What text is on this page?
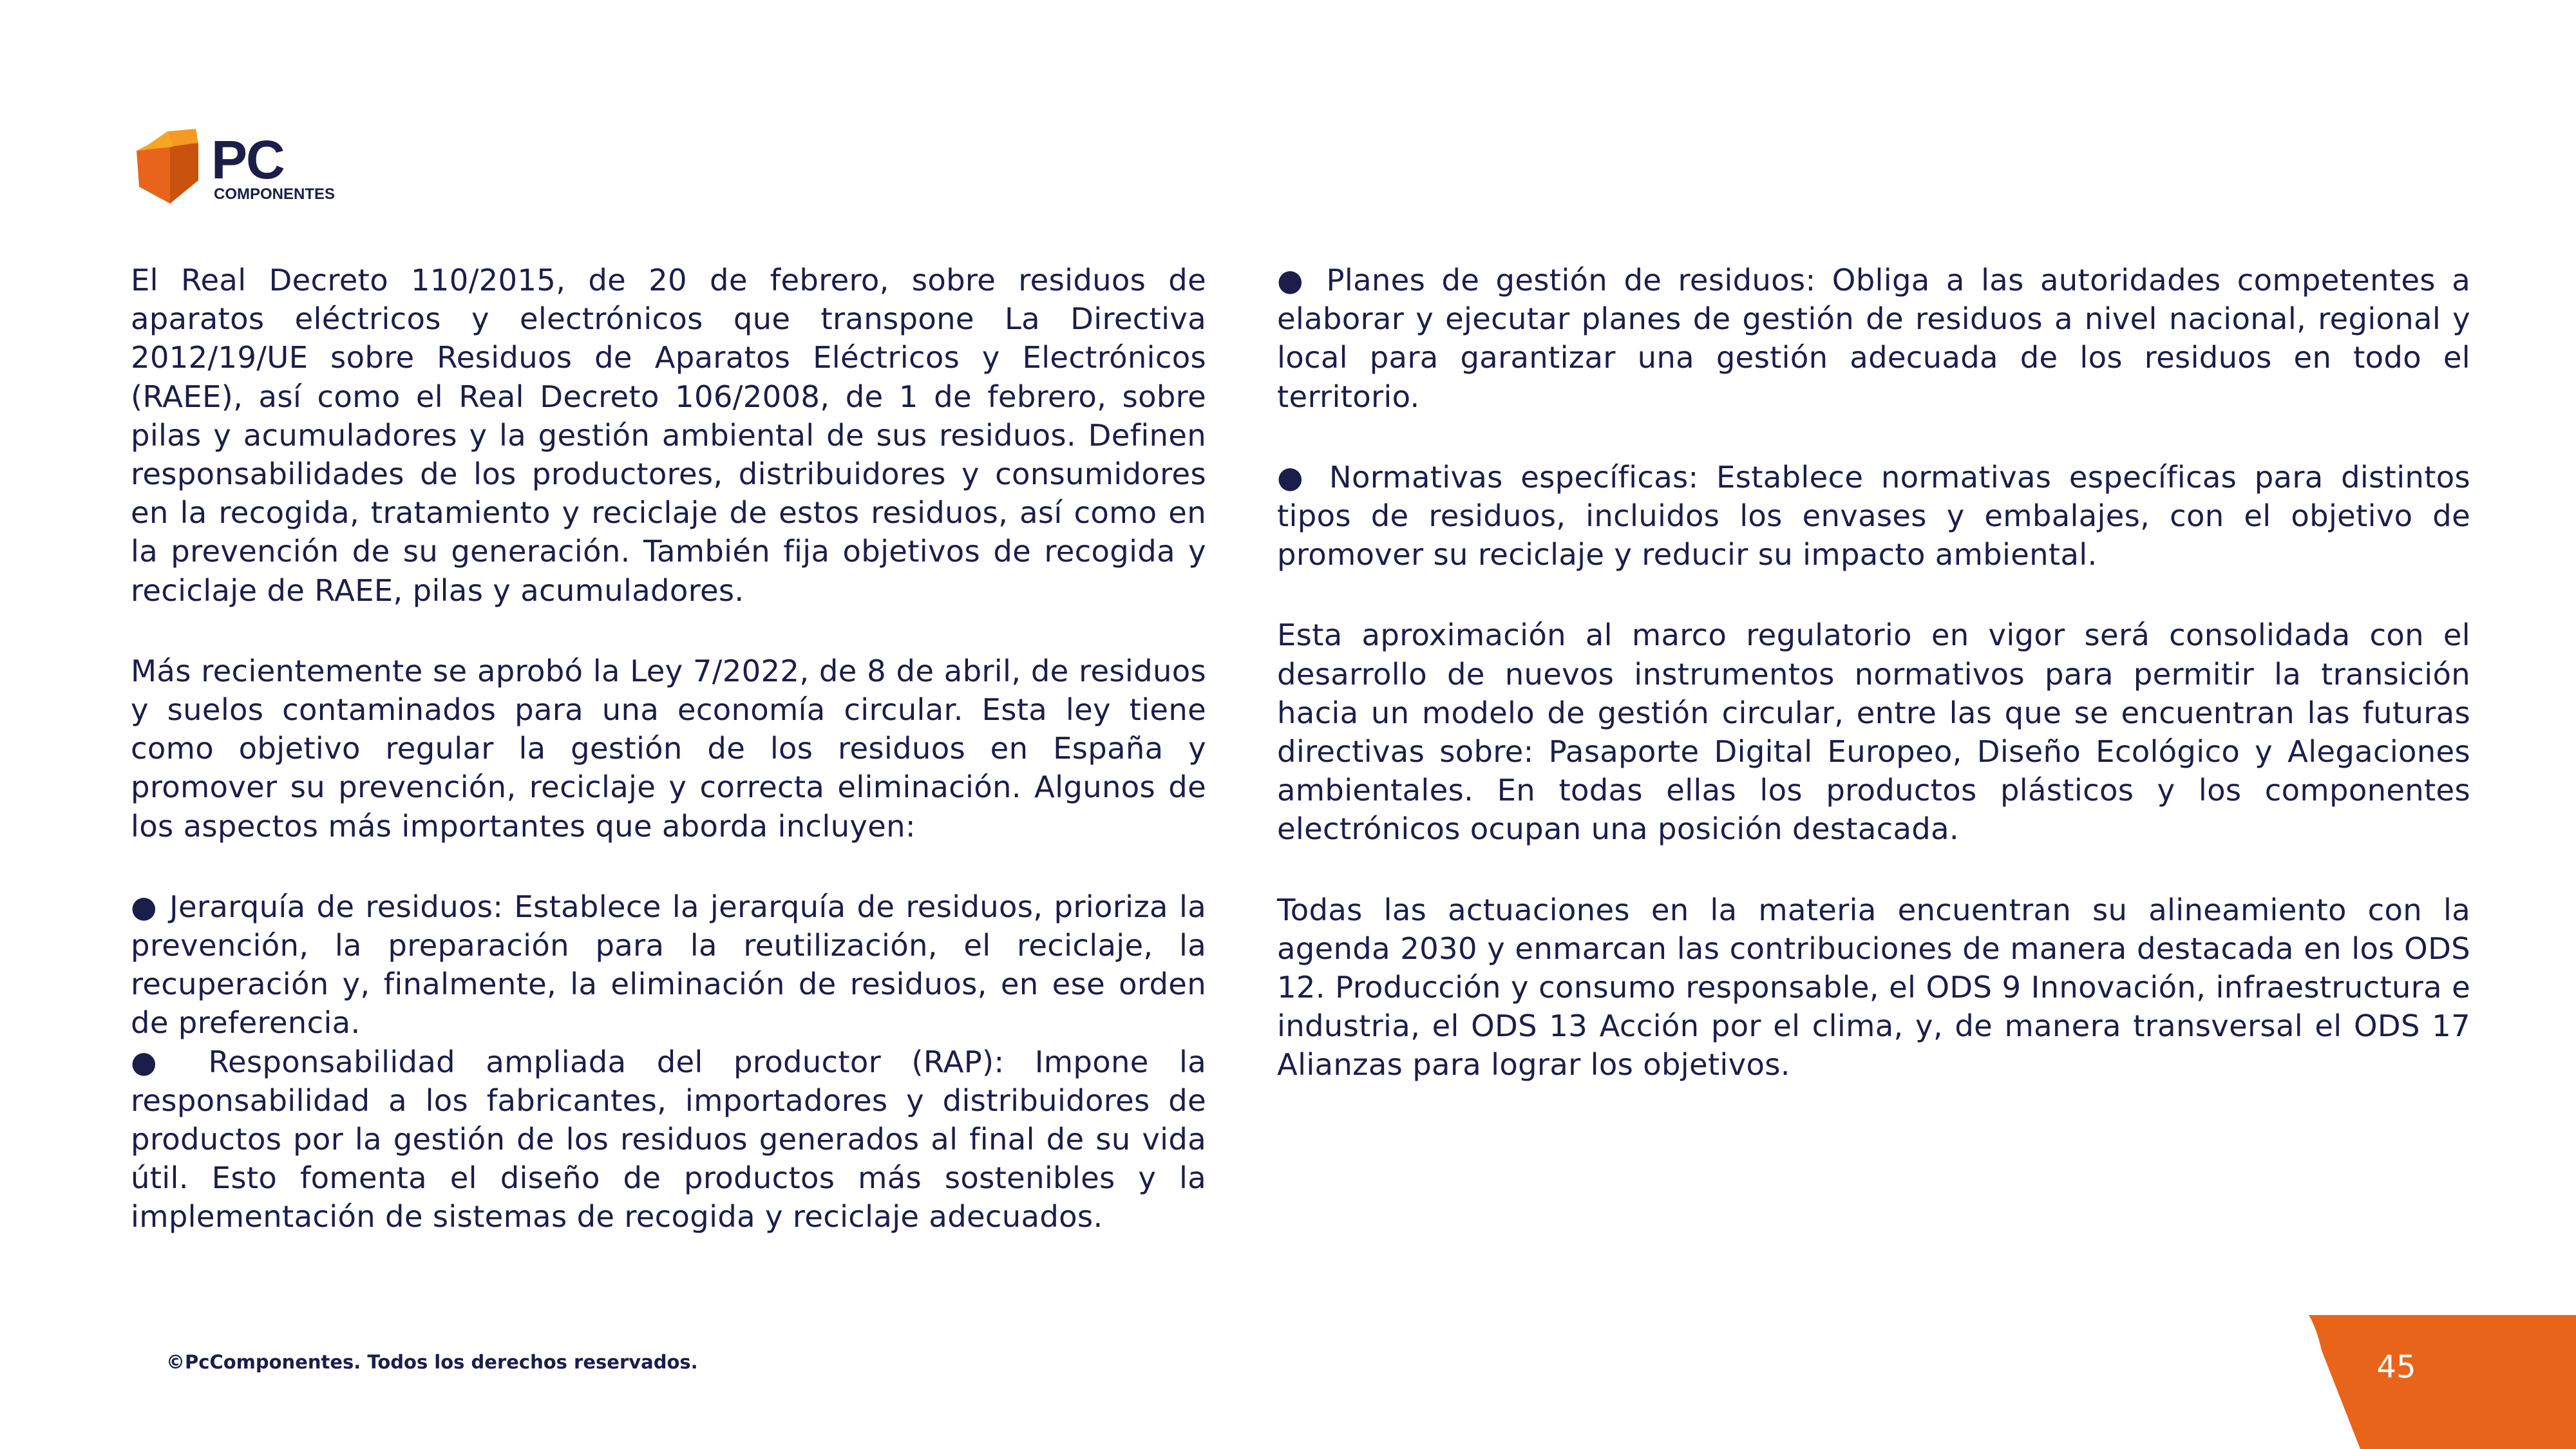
PC
COMPONENTES

El Real Decreto 110/2015, de 20 de febrero, sobre residuos de aparatos eléctricos y electrónicos que transpone La Directiva 2012/19/UE sobre Residuos de Aparatos Eléctricos y Electrónicos (RAEE), así como el Real Decreto 106/2008, de 1 de febrero, sobre pilas y acumuladores y la gestión ambiental de sus residuos. Definen responsabilidades de los productores, distribuidores y consumidores en la recogida, tratamiento y reciclaje de estos residuos, así como en la prevención de su generación. También fija objetivos de recogida y reciclaje de RAEE, pilas y acumuladores.

Más recientemente se aprobó la Ley 7/2022, de 8 de abril, de residuos y suelos contaminados para una economía circular. Esta ley tiene como objetivo regular la gestión de los residuos en España y promover su prevención, reciclaje y correcta eliminación. Algunos de los aspectos más importantes que aborda incluyen:

● Jerarquía de residuos: Establece la jerarquía de residuos, prioriza la prevención, la preparación para la reutilización, el reciclaje, la recuperación y, finalmente, la eliminación de residuos, en ese orden de preferencia.

● Responsabilidad ampliada del productor (RAP): Impone la responsabilidad a los fabricantes, importadores y distribuidores de productos por la gestión de los residuos generados al final de su vida útil. Esto fomenta el diseño de productos más sostenibles y la implementación de sistemas de recogida y reciclaje adecuados.

● Planes de gestión de residuos: Obliga a las autoridades competentes a elaborar y ejecutar planes de gestión de residuos a nivel nacional, regional y local para garantizar una gestión adecuada de los residuos en todo el territorio.

● Normativas específicas: Establece normativas específicas para distintos tipos de residuos, incluidos los envases y embalajes, con el objetivo de promover su reciclaje y reducir su impacto ambiental.

Esta aproximación al marco regulatorio en vigor será consolidada con el desarrollo de nuevos instrumentos normativos para permitir la transición hacia un modelo de gestión circular, entre las que se encuentran las futuras directivas sobre: Pasaporte Digital Europeo, Diseño Ecológico y Alegaciones ambientales. En todas ellas los productos plásticos y los componentes electrónicos ocupan una posición destacada.

Todas las actuaciones en la materia encuentran su alineamiento con la agenda 2030 y enmarcan las contribuciones de manera destacada en los ODS 12. Producción y consumo responsable, el ODS 9 Innovación, infraestructura e industria, el ODS 13 Acción por el clima, y, de manera transversal el ODS 17 Alianzas para lograr los objetivos.

©PcComponentes. Todos los derechos reservados.	45
